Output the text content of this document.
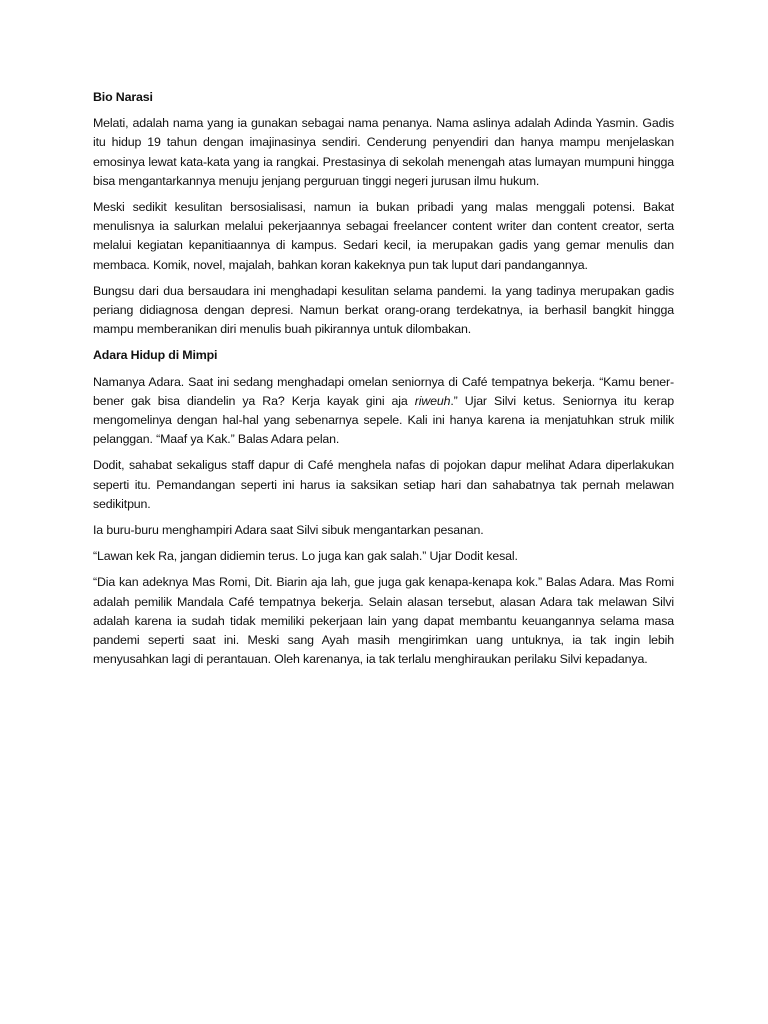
Bio Narasi

Melati, adalah nama yang ia gunakan sebagai nama penanya. Nama aslinya adalah Adinda Yasmin. Gadis itu hidup 19 tahun dengan imajinasinya sendiri. Cenderung penyendiri dan hanya mampu menjelaskan emosinya lewat kata-kata yang ia rangkai. Prestasinya di sekolah menengah atas lumayan mumpuni hingga bisa mengantarkannya menuju jenjang perguruan tinggi negeri jurusan ilmu hukum.

Meski sedikit kesulitan bersosialisasi, namun ia bukan pribadi yang malas menggali potensi. Bakat menulisnya ia salurkan melalui pekerjaannya sebagai freelancer content writer dan content creator, serta melalui kegiatan kepanitiaannya di kampus. Sedari kecil, ia merupakan gadis yang gemar menulis dan membaca. Komik, novel, majalah, bahkan koran kakeknya pun tak luput dari pandangannya.

Bungsu dari dua bersaudara ini menghadapi kesulitan selama pandemi. Ia yang tadinya merupakan gadis periang didiagnosa dengan depresi. Namun berkat orang-orang terdekatnya, ia berhasil bangkit hingga mampu memberanikan diri menulis buah pikirannya untuk dilombakan.

Adara Hidup di Mimpi

Namanya Adara. Saat ini sedang menghadapi omelan seniornya di Café tempatnya bekerja. “Kamu bener-bener gak bisa diandelin ya Ra? Kerja kayak gini aja riweuh.” Ujar Silvi ketus. Seniornya itu kerap mengomelinya dengan hal-hal yang sebenarnya sepele. Kali ini hanya karena ia menjatuhkan struk milik pelanggan. “Maaf ya Kak.” Balas Adara pelan.

Dodit, sahabat sekaligus staff dapur di Café menghela nafas di pojokan dapur melihat Adara diperlakukan seperti itu. Pemandangan seperti ini harus ia saksikan setiap hari dan sahabatnya tak pernah melawan sedikitpun.

Ia buru-buru menghampiri Adara saat Silvi sibuk mengantarkan pesanan.

“Lawan kek Ra, jangan didiemin terus. Lo juga kan gak salah.” Ujar Dodit kesal.

“Dia kan adeknya Mas Romi, Dit. Biarin aja lah, gue juga gak kenapa-kenapa kok.” Balas Adara. Mas Romi adalah pemilik Mandala Café tempatnya bekerja. Selain alasan tersebut, alasan Adara tak melawan Silvi adalah karena ia sudah tidak memiliki pekerjaan lain yang dapat membantu keuangannya selama masa pandemi seperti saat ini. Meski sang Ayah masih mengirimkan uang untuknya, ia tak ingin lebih menyusahkan lagi di perantauan. Oleh karenanya, ia tak terlalu menghiraukan perilaku Silvi kepadanya.
